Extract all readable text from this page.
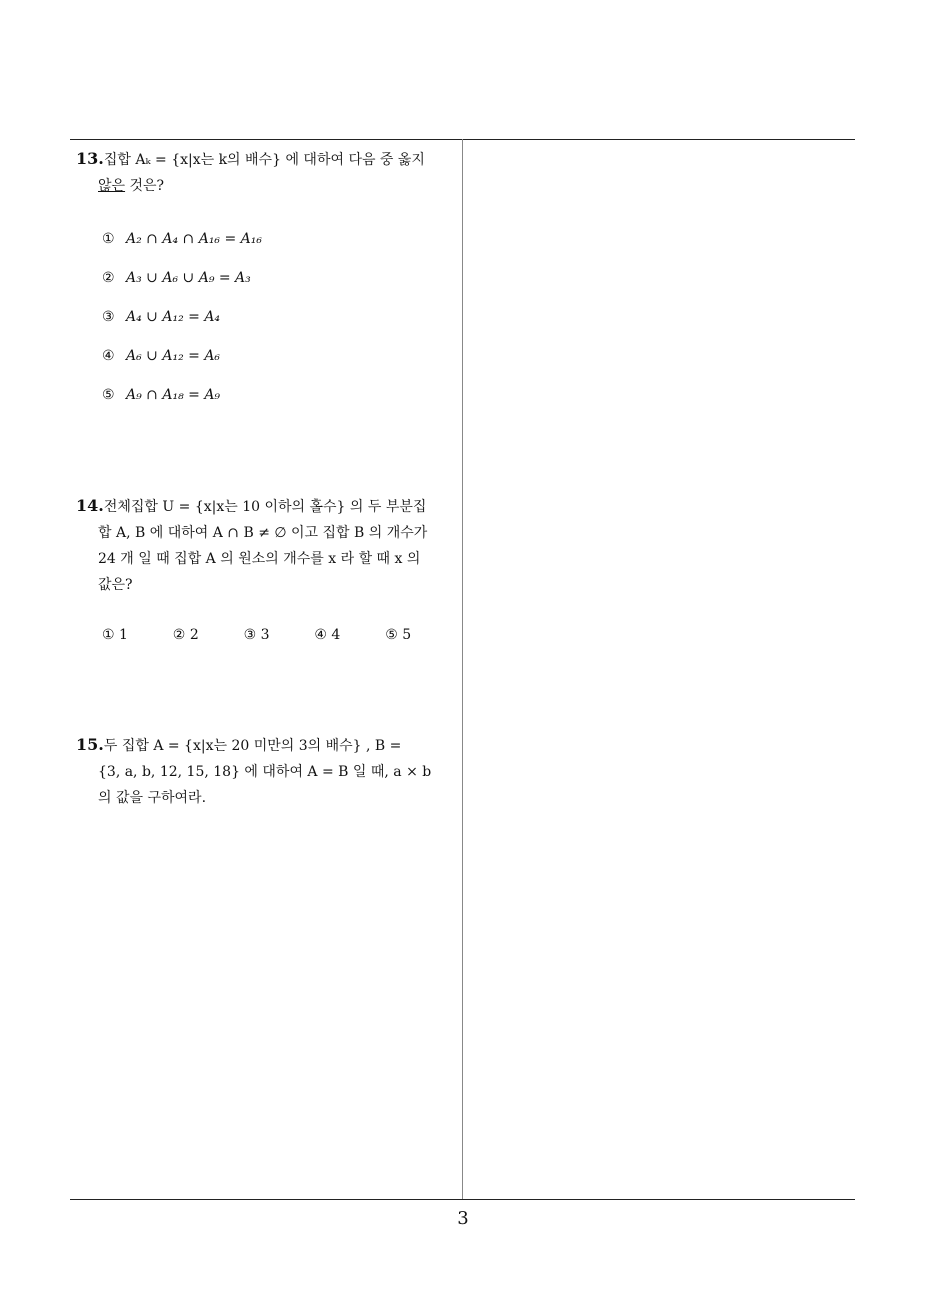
13.집합 Aₖ = {x|x는 k의 배수} 에 대하여 다음 중 옳지
않은 것은?
① A₂ ∩ A₄ ∩ A₁₆ = A₁₆
② A₃ ∪ A₆ ∪ A₉ = A₃
③ A₄ ∪ A₁₂ = A₄
④ A₆ ∪ A₁₂ = A₆
⑤ A₉ ∩ A₁₈ = A₉
14.전체집합 U = {x|x는 10 이하의 홀수} 의 두 부분집
합 A, B 에 대하여 A ∩ B ≠ ∅ 이고 집합 B 의 개수가
24 개 일 때 집합 A 의 원소의 개수를 x 라 할 때 x 의
값은?
① 1	② 2	③ 3	④ 4	⑤ 5
15.두 집합 A = {x|x는 20 미만의 3의 배수} , B =
{3, a, b, 12, 15, 18} 에 대하여 A = B 일 때, a × b
의 값을 구하여라.
3
